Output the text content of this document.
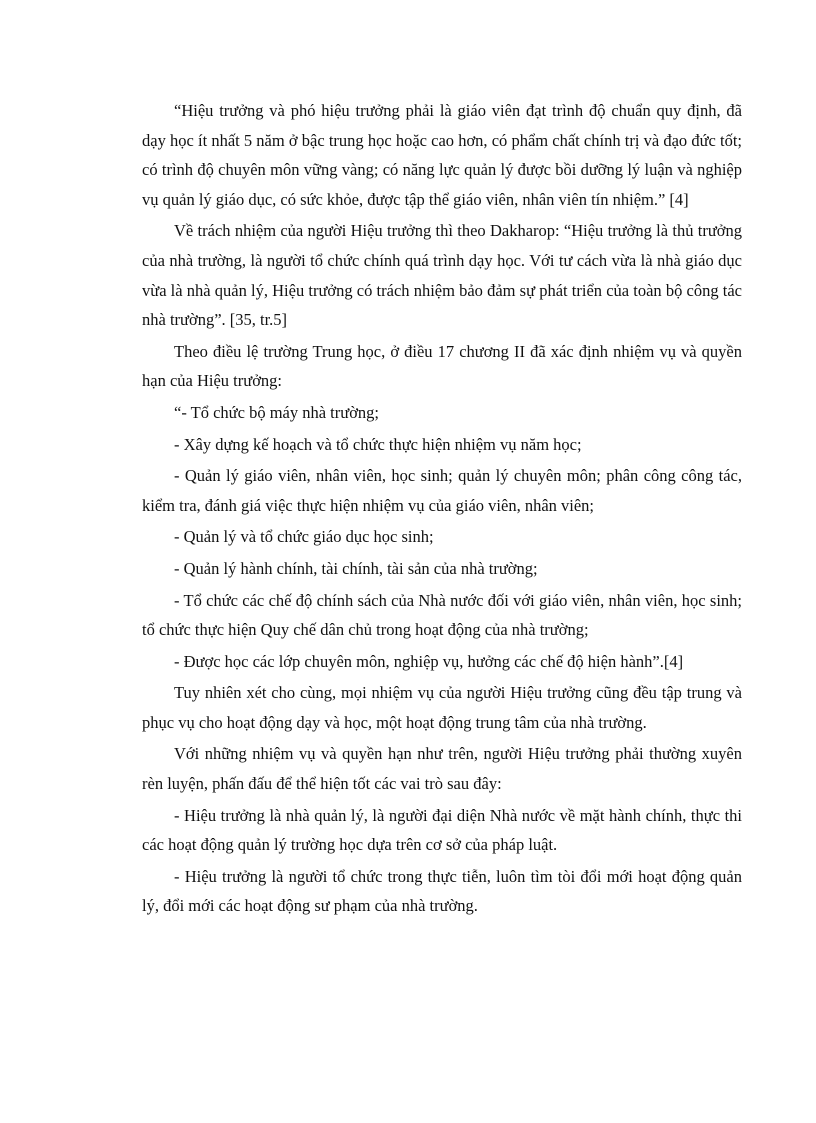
“Hiệu trưởng và phó hiệu trưởng phải là giáo viên đạt trình độ chuẩn quy định, đã dạy học ít nhất 5 năm ở bậc trung học hoặc cao hơn, có phẩm chất chính trị và đạo đức tốt; có trình độ chuyên môn vững vàng; có năng lực quản lý được bồi dưỡng lý luận và nghiệp vụ quản lý giáo dục, có sức khỏe, được tập thể giáo viên, nhân viên tín nhiệm.” [4]

Về trách nhiệm của người Hiệu trưởng thì theo Dakharop: “Hiệu trưởng là thủ trưởng của nhà trường, là người tổ chức chính quá trình dạy học. Với tư cách vừa là nhà giáo dục vừa là nhà quản lý, Hiệu trưởng có trách nhiệm bảo đảm sự phát triển của toàn bộ công tác nhà trường”. [35, tr.5]

Theo điều lệ trường Trung học, ở điều 17 chương II đã xác định nhiệm vụ và quyền hạn của Hiệu trưởng:

“- Tổ chức bộ máy nhà trường;

- Xây dựng kế hoạch và tổ chức thực hiện nhiệm vụ năm học;

- Quản lý giáo viên, nhân viên, học sinh; quản lý chuyên môn; phân công công tác, kiểm tra, đánh giá việc thực hiện nhiệm vụ của giáo viên, nhân viên;

- Quản lý và tổ chức giáo dục học sinh;

- Quản lý hành chính, tài chính, tài sản của nhà trường;

- Tổ chức các chế độ chính sách của Nhà nước đối với giáo viên, nhân viên, học sinh; tổ chức thực hiện Quy chế dân chủ trong hoạt động của nhà trường;

- Được học các lớp chuyên môn, nghiệp vụ, hưởng các chế độ hiện hành”.[4]

Tuy nhiên xét cho cùng, mọi nhiệm vụ của người Hiệu trưởng cũng đều tập trung và phục vụ cho hoạt động dạy và học, một hoạt động trung tâm của nhà trường.

Với những nhiệm vụ và quyền hạn như trên, người Hiệu trưởng phải thường xuyên rèn luyện, phấn đấu để thể hiện tốt các vai trò sau đây:

- Hiệu trưởng là nhà quản lý, là người đại diện Nhà nước về mặt hành chính, thực thi các hoạt động quản lý trường học dựa trên cơ sở của pháp luật.

- Hiệu trưởng là người tổ chức trong thực tiễn, luôn tìm tòi đổi mới hoạt động quản lý, đổi mới các hoạt động sư phạm của nhà trường.
